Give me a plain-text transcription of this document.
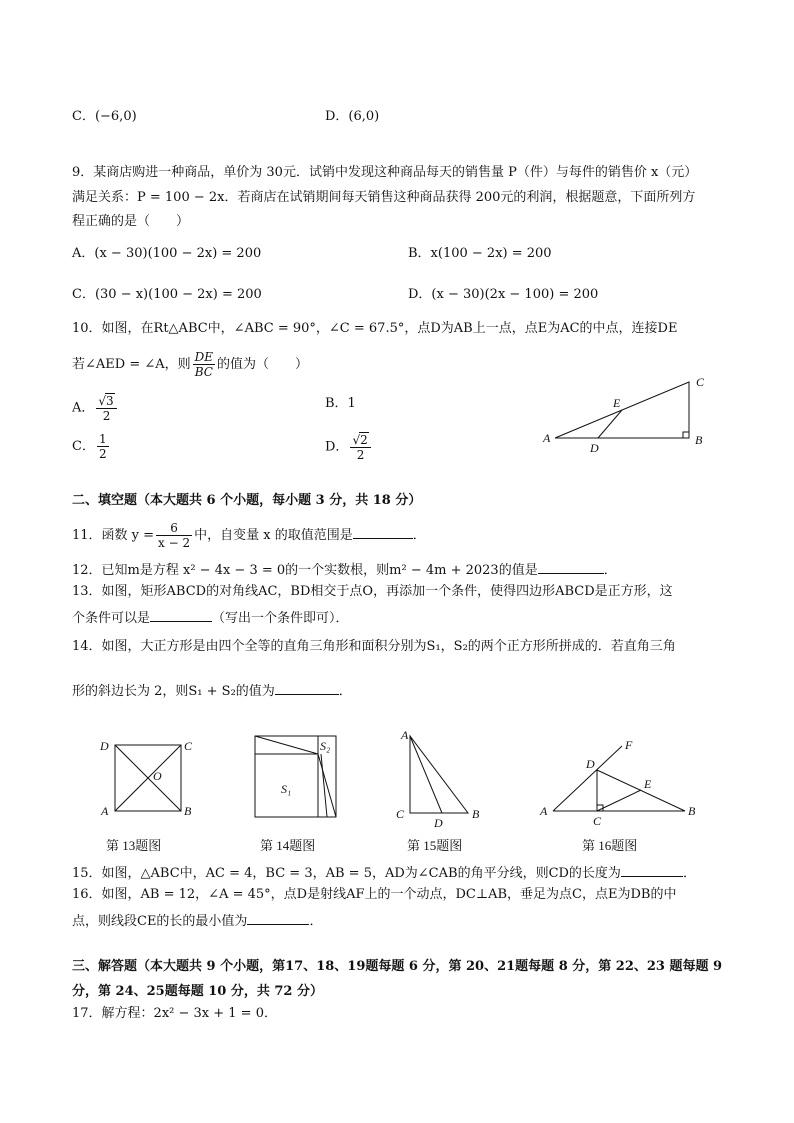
C．(−6,0)	D．(6,0)
9．某商店购进一种商品，单价为 30元．试销中发现这种商品每天的销售量 P（件）与每件的销售价 x（元）
满足关系：P = 100 − 2x．若商店在试销期间每天销售这种商品获得 200元的利润，根据题意，下面所列方
程正确的是（　　）
A．(x − 30)(100 − 2x) = 200	B．x(100 − 2x) = 200
C．(30 − x)(100 − 2x) = 200	D．(x − 30)(2x − 100) = 200
10．如图，在Rt△ABC中，∠ABC = 90°，∠C = 67.5°，点D为AB上一点，点E为AC的中点，连接DE
若∠AED = ∠A，则 $\frac{DE}{BC}$ 的值为（　　）
A． $\frac{√3}{2}$	B．1
C． $\frac{1}{2}$	D． $\frac{√2}{2}$	A	B
C
D
E
二、填空题（本大题共 6 个小题，每小题 3 分，共 18 分）
11．函数 $y = \frac{6}{x - 2}$ 中，自变量 x 的取值范围是	．
12．已知m是方程 x² − 4x − 3 = 0的一个实数根，则m² − 4m + 2023的值是	．
13．如图，矩形ABCD的对角线AC，BD相交于点O，再添加一个条件，使得四边形ABCD是正方形，这
个条件可以是	（写出一个条件即可）．
14．如图，大正方形是由四个全等的直角三角形和面积分别为S₁，S₂的两个正方形所拼成的．若直角三角
形的斜边长为 2，则S₁ + S₂的值为	．
D	C
A	B
O
第 13题图
S₁
S₂
第 14题图
A
C	B
D
第 15题图
A	B
C
D
E
F
第 16题图
15．如图，△ABC中，AC = 4，BC = 3，AB = 5，AD为∠CAB的角平分线，则CD的长度为	．
16．如图，AB = 12，∠A = 45°，点D是射线AF上的一个动点，DC⊥AB，垂足为点C，点E为DB的中
点，则线段CE的长的最小值为	．
三、解答题（本大题共 9 个小题，第17、18、19题每题 6 分，第 20、21题每题 8 分，第 22、23 题每题 9
分，第 24、25题每题 10 分，共 72 分）
17．解方程：2x² − 3x + 1 = 0．
